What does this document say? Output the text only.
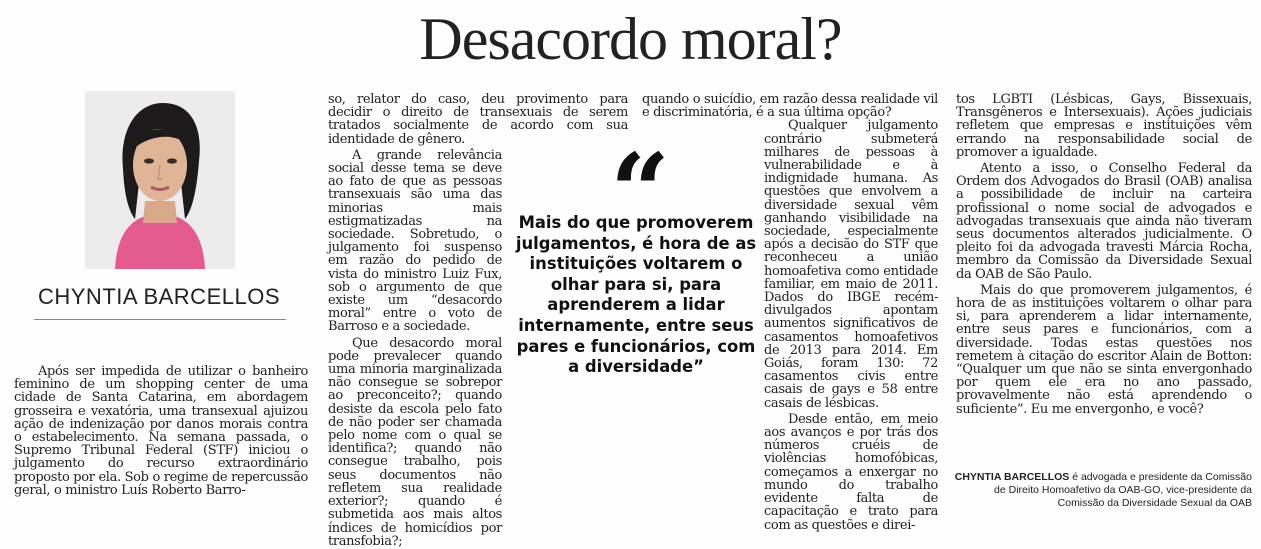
Desacordo moral?
CHYNTIA BARCELLOS

Após ser impedida de utilizar o banheiro feminino de um shopping center de uma cidade de Santa Catarina, em abordagem grosseira e vexatória, uma transexual ajuizou ação de indenização por danos morais contra o estabelecimento. Na semana passada, o Supremo Tribunal Federal (STF) iniciou o julgamento do recurso extraordinário proposto por ela. Sob o regime de repercussão geral, o ministro Luís Roberto Barro-

so, relator do caso, deu provimento para decidir o direito de transexuais de serem tratados socialmente de acordo com sua identidade de gênero.

A grande relevância social desse tema se deve ao fato de que as pessoas transexuais são uma das minorias mais estigmatizadas na sociedade. Sobretudo, o julgamento foi suspenso em razão do pedido de vista do ministro Luiz Fux, sob o argumento de que existe um “desacordo moral” entre o voto de Barroso e a sociedade.

Que desacordo moral pode prevalecer quando uma minoria marginalizada não consegue se sobrepor ao preconceito?; quando desiste da escola pelo fato de não poder ser chamada pelo nome com o qual se identifica?; quando não consegue trabalho, pois seus documentos não refletem sua realidade exterior?; quando é submetida aos mais altos índices de homicídios por transfobia?;

quando o suicídio, em razão dessa realidade vil e discriminatória, é a sua última opção?

Qualquer julgamento contrário submeterá milhares de pessoas à vulnerabilidade e à indignidade humana. As questões que envolvem a diversidade sexual vêm ganhando visibilidade na sociedade, especialmente após a decisão do STF que reconheceu a união homoafetiva como entidade familiar, em maio de 2011. Dados do IBGE recém-divulgados apontam aumentos significativos de casamentos homoafetivos de 2013 para 2014. Em Goiás, foram 130: 72 casamentos civis entre casais de gays e 58 entre casais de lésbicas.

Desde então, em meio aos avanços e por trás dos números cruéis de violências homofóbicas, começamos a enxergar no mundo do trabalho evidente falta de capacitação e trato para com as questões e direi-

“
Mais do que promoverem julgamentos, é hora de as instituições voltarem o olhar para si, para aprenderem a lidar internamente, entre seus pares e funcionários, com a diversidade”

tos LGBTI (Lésbicas, Gays, Bissexuais, Transgêneros e Intersexuais). Ações judiciais refletem que empresas e instituições vêm errando na responsabilidade social de promover a igualdade.

Atento a isso, o Conselho Federal da Ordem dos Advogados do Brasil (OAB) analisa a possibilidade de incluir na carteira profissional o nome social de advogados e advogadas transexuais que ainda não tiveram seus documentos alterados judicialmente. O pleito foi da advogada travesti Márcia Rocha, membro da Comissão da Diversidade Sexual da OAB de São Paulo.

Mais do que promoverem julgamentos, é hora de as instituições voltarem o olhar para si, para aprenderem a lidar internamente, entre seus pares e funcionários, com a diversidade. Todas estas questões nos remetem à citação do escritor Alain de Botton: “Qualquer um que não se sinta envergonhado por quem ele era no ano passado, provavelmente não está aprendendo o suficiente”. Eu me envergonho, e você?

CHYNTIA BARCELLOS é advogada e presidente da Comissão de Direito Homoafetivo da OAB-GO, vice-presidente da Comissão da Diversidade Sexual da OAB
